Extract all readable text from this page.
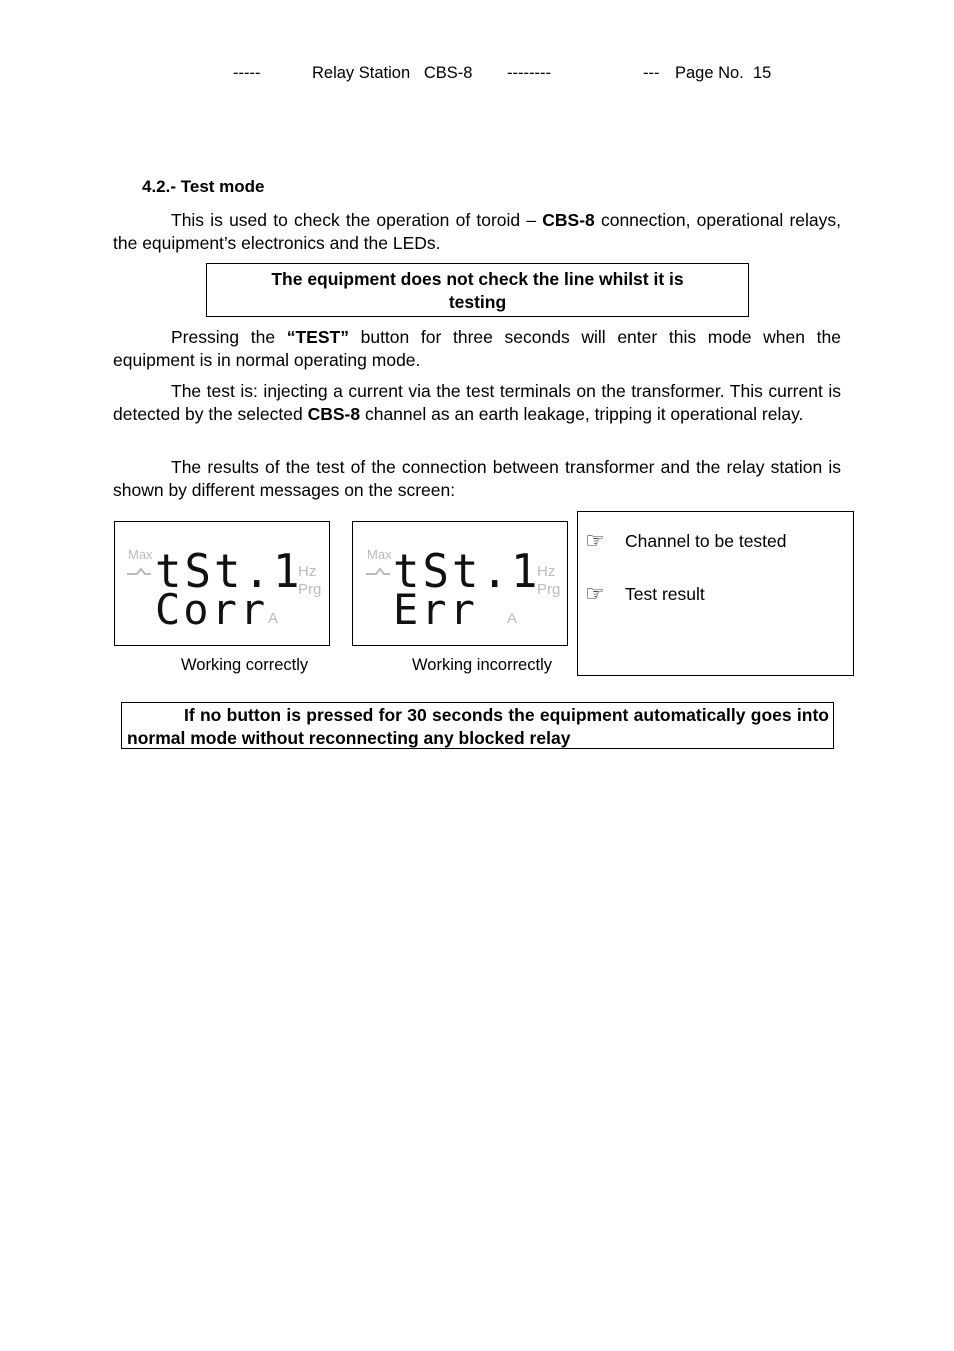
-----	Relay Station   CBS-8 --------	--- Page No.  15
4.2.- Test mode
This is used to check the operation of toroid – CBS-8 connection, operational relays, the equipment’s electronics and the LEDs.
The equipment does not check the line whilst it is
testing
Pressing the “TEST” button for three seconds will enter this mode when the equipment is in normal operating mode.
The test is: injecting a current via the test terminals on the transformer. This current is detected by the selected CBS-8 channel as an earth leakage, tripping it operational relay.
The results of the test of the connection between transformer and the relay station is shown by different messages on the screen:
Max tSt.1
Hz
Prg
Corr A
Working correctly
Max tSt.1
Hz
Prg
Err A
Working incorrectly
☞	Channel to be tested
☞	Test result
If no button is pressed for 30 seconds the equipment automatically goes into normal mode without reconnecting any blocked relay
